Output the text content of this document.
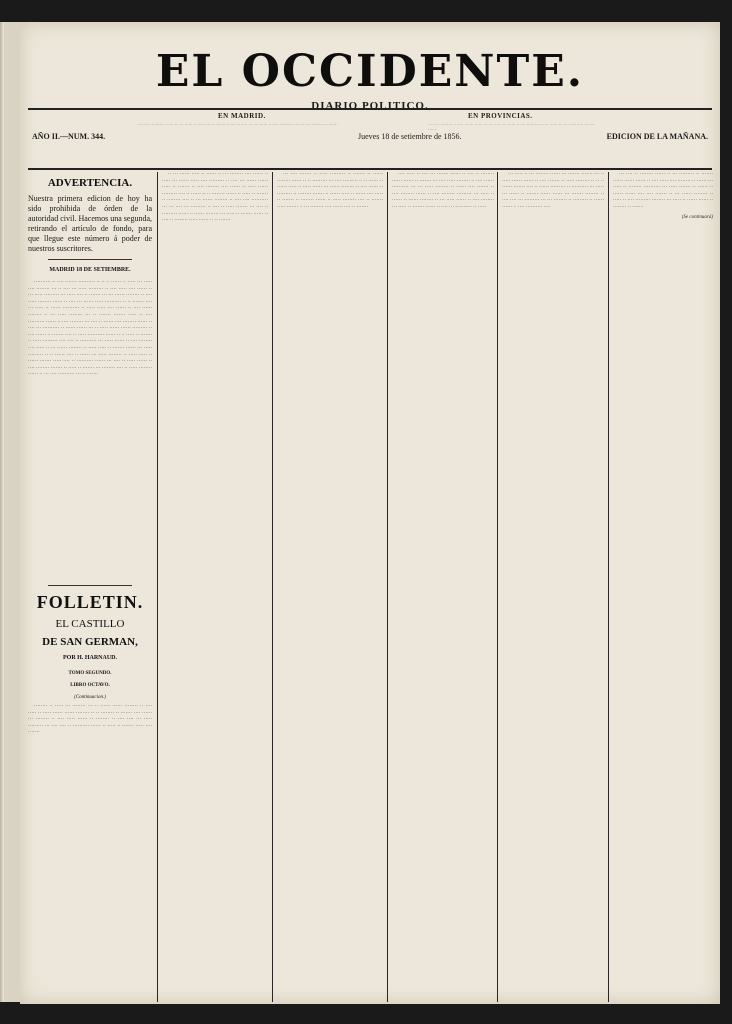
EL OCCIDENTE.
DIARIO POLITICO.
EN MADRID.	EN PROVINCIAS.
··· ··· ·· ········· · ····· ·· ···· ······ ·· ····· ···· ··· ······· ·· ···· ········ ··· ···· ······ ·· ····· ·········· ··· ···· ···· ······· ··· ········	··· ··· ·· ········· · ····· ·· ···· ······ ·· ····· ···· ··· ······· ·· ···· ········ ··· ···· ······ ·· ····· ·········· ··· ···· ······
AÑO II.—NUM. 344.	Jueves 18 de setiembre de 1856.	EDICION DE LA MAÑANA.
ADVERTENCIA.
Nuestra primera edicion de hoy ha sido prohibida de órden de la autoridad civil. Hacemos una segunda, retirando el artículo de fondo, para que llegue este número á poder de nuestros suscritores.
MADRID 18 DE SETIEMBRE.

·········· ·· ···· ······· ·········· ·· ·· ·· ······ ·· ····· ··· ····· ···· ········ ··· ·· ···· ··· ····· ········· ·· ···· ····· ···· ······ ·· ··· ····· ········· ··· ····· ···· ·· ······· ··· ··· ······ ········ ·· ···· ····· ········ ······ ·· ···· ··· ······ ····· ·········· ·· ·· ······· ···· ··· ····· ·· ······ ·········· ·· ····· ····· ···· ······ ·· ···· ······ ········ ·· ··· ····· ········ ··· ·· ······· ······· ····· ·· ···· ·········· ······ ·· ···· ········ ··· ···· ·· ······ ···· ········ ······ ·· ···· ··· ·········· ·· ······ ······ ··· ·· ····· ······ ······ ········· ·· ···· ······ ·· ······· ···· ·· ····· ·········· ······ ·· ·· ····· ·· ······· ·· ····· ········· ···· ···· ·· ·········· ··· ····· ······ ·· ···· ········ ···· ····· ·· ··· ······ ········ ·· ····· ····· ·· ······· ······ ··· ····· ········· ·· ·· ······ ···· ·· ······ ··· ····· ········ ·· ····· ····· ·· ······ ······· ····· ···· ·· ·········· ······ ··· ···· ·· ····· ······ ·· ···· ········ ······· ·· ····· ·· ······· ··· ········ ···· ·· ····· ········ ······ ·· ··· ···· ·········· ··· ·· ·······

FOLLETIN.
EL CASTILLO
DE SAN GERMAN,
POR H. HARNAUD.
TOMO SEGUNDO.
LIBRO OCTAVO.
(Continuacion.)

········ ·· ····· ··· ········ ··· ·· ······ ······ ········ ·· ···· ····· ·· ····· ······ ······ ········ ·· ·· ········ ·· ······· ···· ······ ··· ········ ·· ···· ····· ······ ·· ········ ·· ···· ···· ··· ····· ········· ··· ···· ···· ·· ·········· ······ ·· ····· ·· ······· ····· ···· ·······

·· ··· ······ ····· ·· ······ ·· ··· ········ ···· ······ ·· ····· ··· ······ ····· ···· ········· ·· ···· ··· ······ ······ ····· ·· ······· ·· ···· ········ ···· ······ ·· ····· ······ ········· ···· ·· ······ ·· ·· ········ ······ ·· ····· ·· ······· ·· ········ ···· ·· ··· ······ ········ ·· ···· ···· ·········· ··· ··· ···· ··· ········· ·· ···· ·· ····· ······· ··· ···· ·· ········· ······ ·· ······ ········ ··· ····· ·· ······· ······ ·· ···· ·· ········ ····· ······ ·· ·· ·······

··· ···· ······· ·· ····· ········· ·· ······· ·· ······ ········ ······ ·· ·· ········· ··· ···· ········· ·· ·· ······ ·· ······ ····· ·· ····· ······ ··· ······ ········ ·· ···· ······ ·· ········· ·· ········ ······· ·· ······ ····· ·· ······ ···· ····· ·· ······· ·· ········ ······ ·· ····· ········ ···· ·· ······· ····· ······· ·· ··· ········ ···· ······ ···· ·· ·······

···· ····· ·· ···· ··· ······· ······ ·· ···· ·· ········ ······ ······ ·· ······· ··· ···· ····· ········ ·· ···· ······ ·········· ··· ··· ····· ········ ·· ······ ···· ······· ·· ···· ········ ······ ·· ···· ········ ········· ··· ····· ·· ······ ·· ······ ········ ·· ··· ····· ······ ·· ···· ········ ··· ····· ·· ······· ······ ·· ···· ··· ·········· ·· ·····

··· ····· ·· ··· ········ ······ ··· ······· ······· ··· ·· ····· ······ ······ ·· ···· ······· ·· ····· ········ ·· ·· ·· ······ ······· ···· ·· ······ ········· ·· ·········· ··· ····· ··· ······ ·· ······· ······ ······ ··· ······· ········ ·· ···· ···· ··· ········· ··· ··· ········ ·· ········· ·· ······ ······ ·· ···· ·········· ····

··· ···· ·· ········ ······ ·· ··· ········· ·· ······· ······ ······ ······ ·· ···· ····· ···· ········ ·· ······ ··· ····· ·· ········ ·········· ··· ····· ······· ·· ······ ·· ······ ······ ···· ···· ······· ·· ··· ······ ········ ·· ····· ·· ···· ········· ········ ··· ····· ·· ······ ······ ·· ········ ·· ·······

(Se continuará)
